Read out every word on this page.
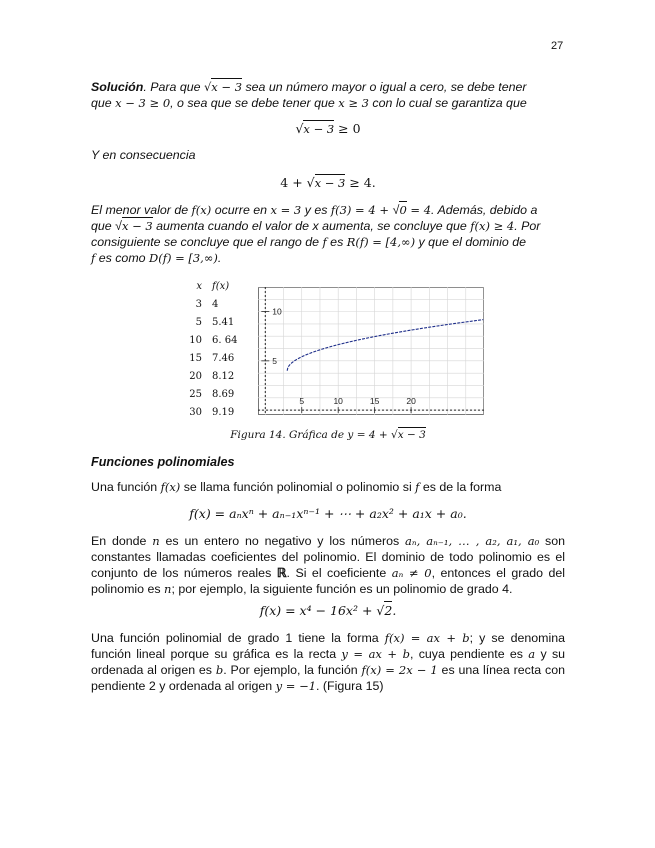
27

Solución. Para que √x − 3 sea un número mayor o igual a cero, se debe tener
que x − 3 ≥ 0, o sea que se debe tener que x ≥ 3 con lo cual se garantiza que

√x − 3 ≥ 0

Y en consecuencia

4 + √x − 3 ≥ 4.

El menor valor de f(x) ocurre en x = 3 y es f(3) = 4 + √0 = 4. Además, debido a
que √x − 3 aumenta cuando el valor de x aumenta, se concluye que f(x) ≥ 4. Por
consiguiente se concluye que el rango de f es R(f) = [4,∞) y que el dominio de
f es como D(f) = [3,∞).

x	f(x)
3	4
5	5.41
10	6. 64
15	7.46
20	8.12
25	8.69
30	9.19
5	10	15	20
5
10
Figura 14. Gráfica de y = 4 + √x − 3
Funciones polinomiales

Una función f(x) se llama función polinomial o polinomio si f es de la forma

f(x) = aₙxⁿ + aₙ₋₁xⁿ⁻¹ + ⋯ + a₂x² + a₁x + a₀.

En donde n es un entero no negativo y los números aₙ, aₙ₋₁, … , a₂, a₁, a₀ son constantes llamadas coeficientes del polinomio. El dominio de todo polinomio es el conjunto de los números reales ℝ. Si el coeficiente aₙ ≠ 0, entonces el grado del polinomio es n; por ejemplo, la siguiente función es un polinomio de grado 4.

f(x) = x⁴ − 16x² + √2.

Una función polinomial de grado 1 tiene la forma f(x) = ax + b; y se denomina función lineal porque su gráfica es la recta y = ax + b, cuya pendiente es a y su ordenada al origen es b. Por ejemplo, la función f(x) = 2x − 1 es una línea recta con pendiente 2 y ordenada al origen y = −1. (Figura 15)
